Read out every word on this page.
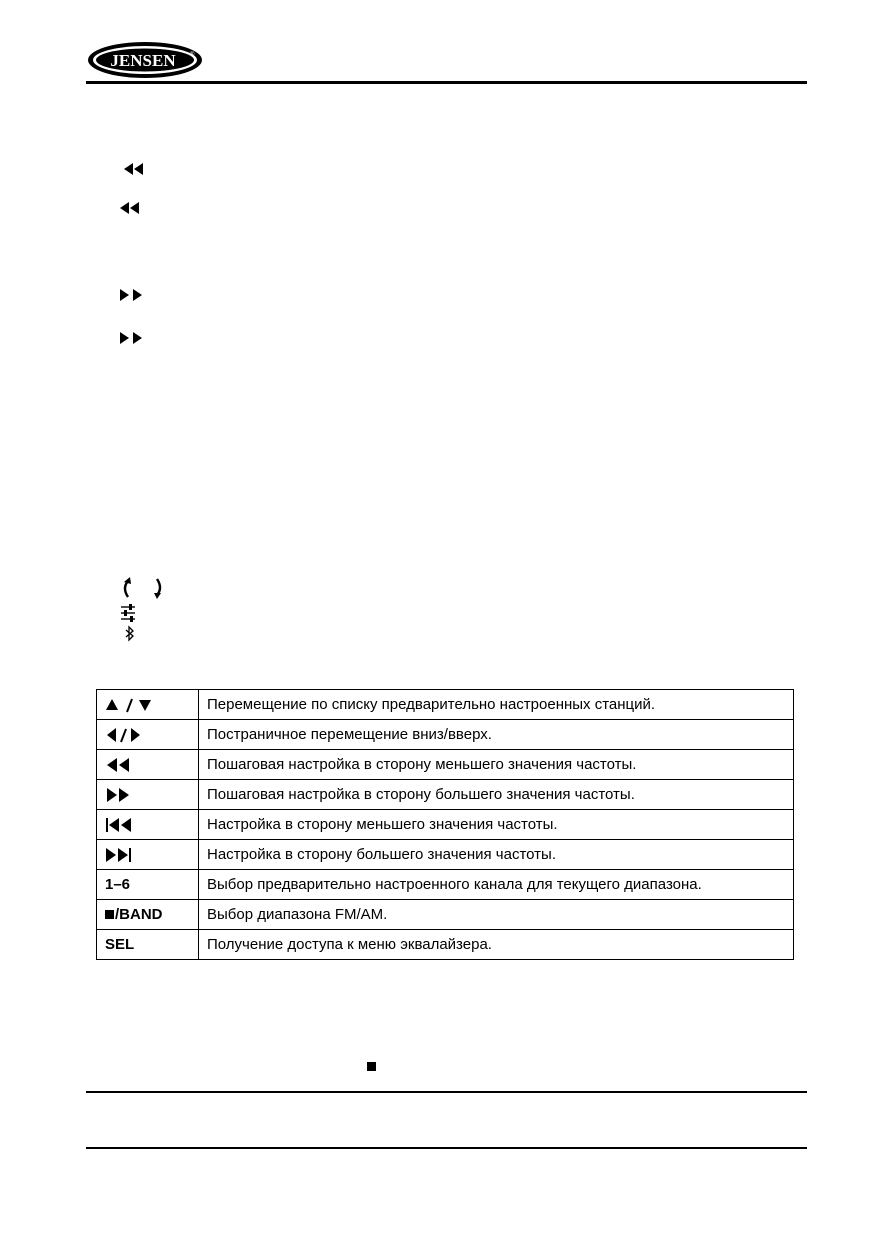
JENSEN ®
	Перемещение по списку предварительно настроенных станций.

	Постраничное перемещение вниз/вверх.

	Пошаговая настройка в сторону меньшего значения частоты.

	Пошаговая настройка в сторону большего значения частоты.

	Настройка в сторону меньшего значения частоты.

	Настройка в сторону большего значения частоты.
1–6	Выбор предварительно настроенного канала для текущего диапазона.
/BAND	Выбор диапазона FM/AM.
SEL	Получение доступа к меню эквалайзера.
